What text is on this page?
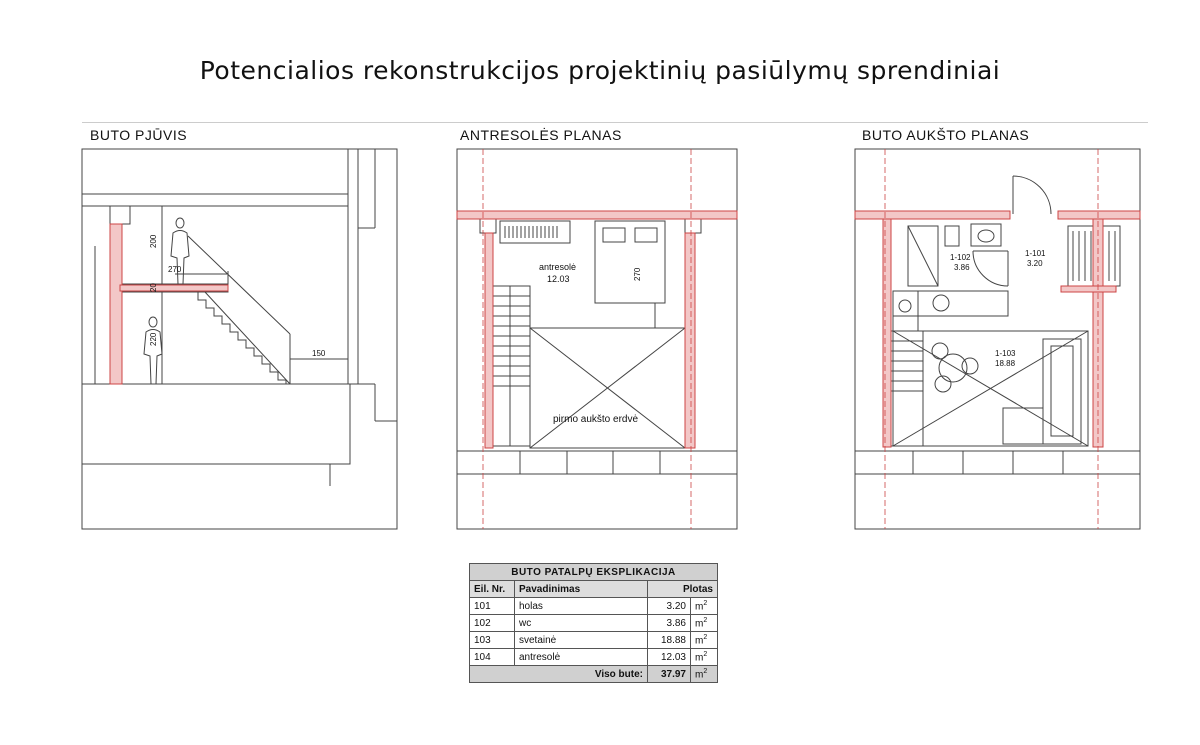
Potencialios rekonstrukcijos projektinių pasiūlymų sprendiniai
BUTO PJŪVIS	ANTRESOLĖS PLANAS	BUTO AUKŠTO PLANAS
200
270
20
220
150
antresolė
12.03	270
pirmo aukšto erdvė
1-101
3.20
1-102
3.86
1-103
18.88
BUTO PATALPŲ EKSPLIKACIJA			
Eil. Nr.	Pavadinimas	Plotas	
101	holas	3.20	$m^2$
102	wc	3.86	$m^2$
103	svetainė	18.88	$m^2$
104	antresolė	12.03	$m^2$
Viso bute:		37.97	$m^2$
